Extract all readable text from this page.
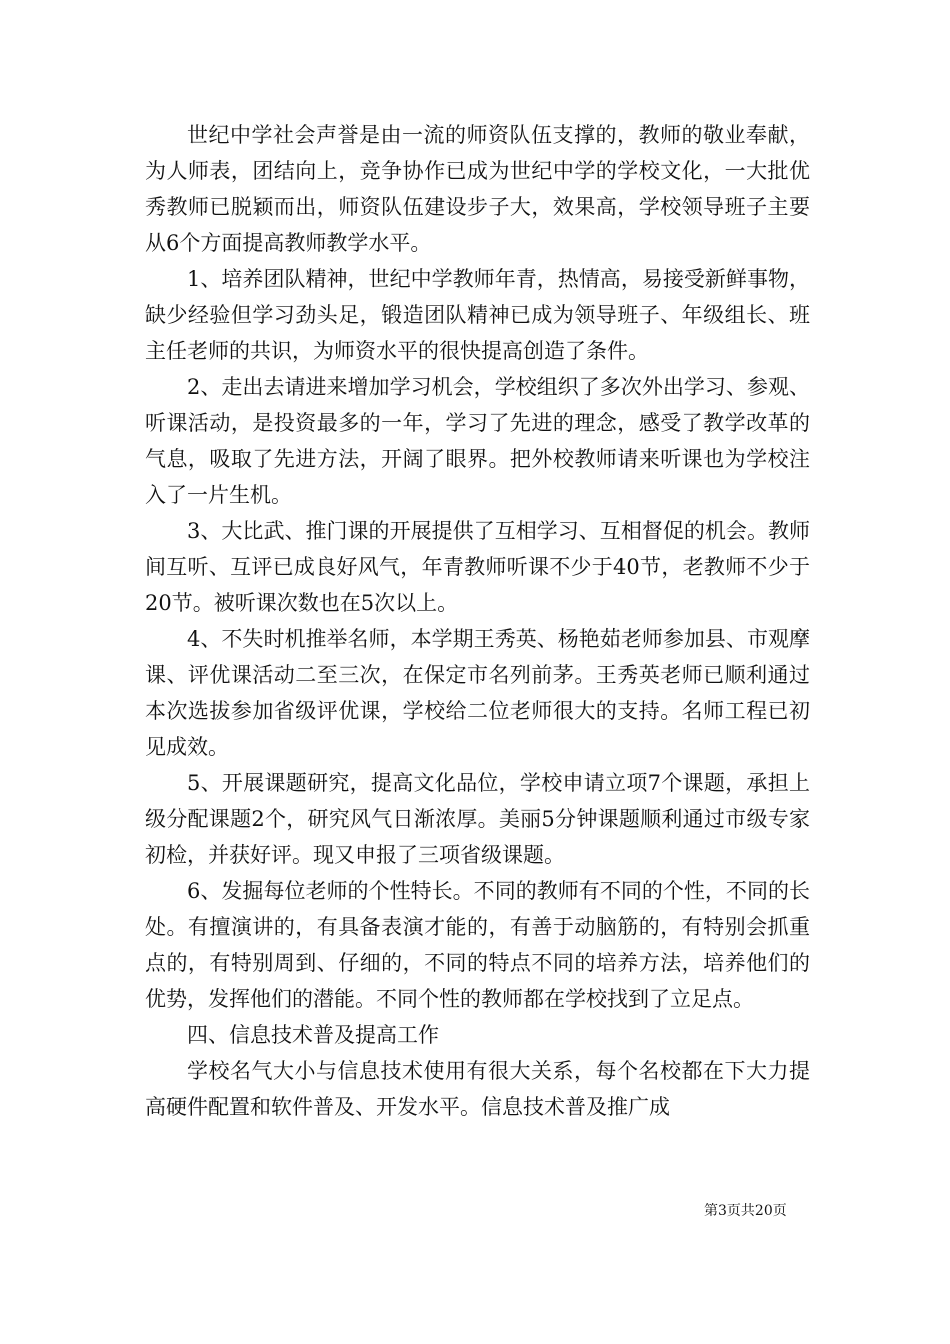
世纪中学社会声誉是由一流的师资队伍支撑的，教师的敬业奉献，为人师表，团结向上，竞争协作已成为世纪中学的学校文化，一大批优秀教师已脱颖而出，师资队伍建设步子大，效果高，学校领导班子主要从6个方面提高教师教学水平。

1、培养团队精神，世纪中学教师年青，热情高，易接受新鲜事物，缺少经验但学习劲头足，锻造团队精神已成为领导班子、年级组长、班主任老师的共识，为师资水平的很快提高创造了条件。

2、走出去请进来增加学习机会，学校组织了多次外出学习、参观、听课活动，是投资最多的一年，学习了先进的理念，感受了教学改革的气息，吸取了先进方法，开阔了眼界。把外校教师请来听课也为学校注入了一片生机。

3、大比武、推门课的开展提供了互相学习、互相督促的机会。教师间互听、互评已成良好风气，年青教师听课不少于40节，老教师不少于20节。被听课次数也在5次以上。

4、不失时机推举名师，本学期王秀英、杨艳茹老师参加县、市观摩课、评优课活动二至三次，在保定市名列前茅。王秀英老师已顺利通过本次选拔参加省级评优课，学校给二位老师很大的支持。名师工程已初见成效。

5、开展课题研究，提高文化品位，学校申请立项7个课题，承担上级分配课题2个，研究风气日渐浓厚。美丽5分钟课题顺利通过市级专家初检，并获好评。现又申报了三项省级课题。

6、发掘每位老师的个性特长。不同的教师有不同的个性，不同的长处。有擅演讲的，有具备表演才能的，有善于动脑筋的，有特别会抓重点的，有特别周到、仔细的，不同的特点不同的培养方法，培养他们的优势，发挥他们的潜能。不同个性的教师都在学校找到了立足点。

四、信息技术普及提高工作

学校名气大小与信息技术使用有很大关系，每个名校都在下大力提高硬件配置和软件普及、开发水平。信息技术普及推广成

第3页共20页
